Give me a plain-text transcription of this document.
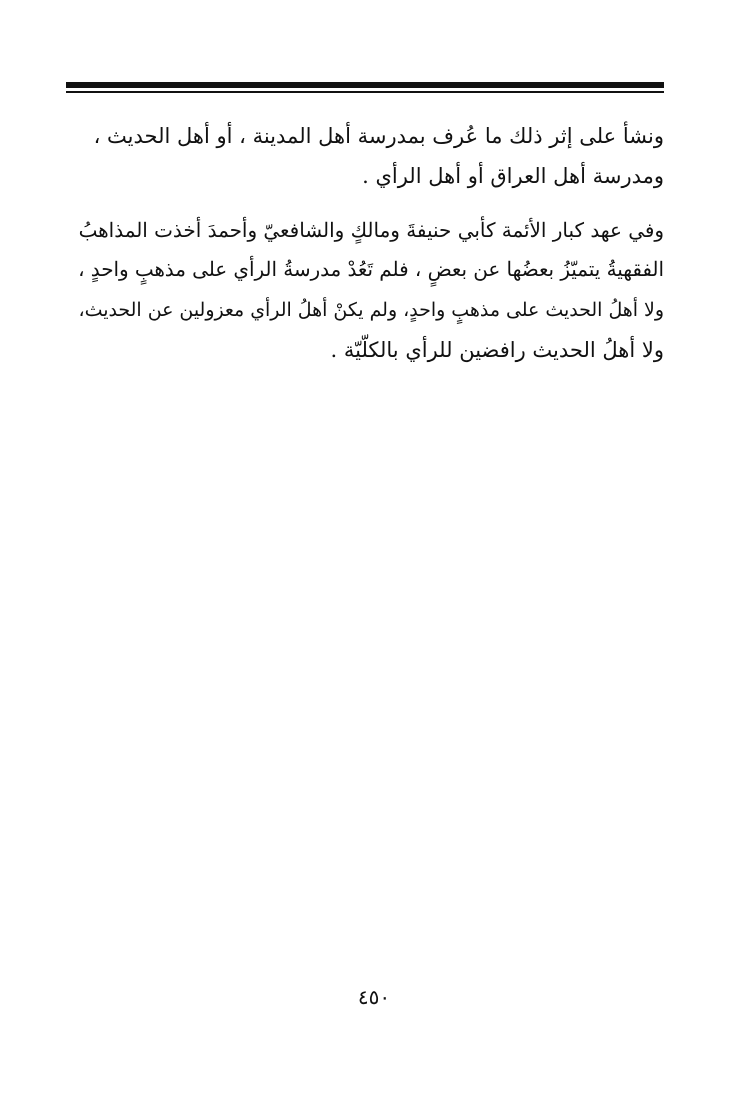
ونشأ على إثر ذلك ما عُرف بمدرسة أهل المدينة ، أو أهل الحديث ،
ومدرسة أهل العراق أو أهل الرأي .
وفي عهد كبار الأئمة كأبي حنيفةَ ومالكٍ والشافعيّ وأحمدَ أخذت المذاهبُ
الفقهيةُ يتميّزُ بعضُها عن بعضٍ ، فلم تَعُدْ مدرسةُ الرأي على مذهبٍ واحدٍ ،
ولا أهلُ الحديث على مذهبٍ واحدٍ، ولم يكنْ أهلُ الرأي معزولين عن الحديث،
ولا أهلُ الحديث رافضين للرأي بالكلّيّة .
٤٥٠
